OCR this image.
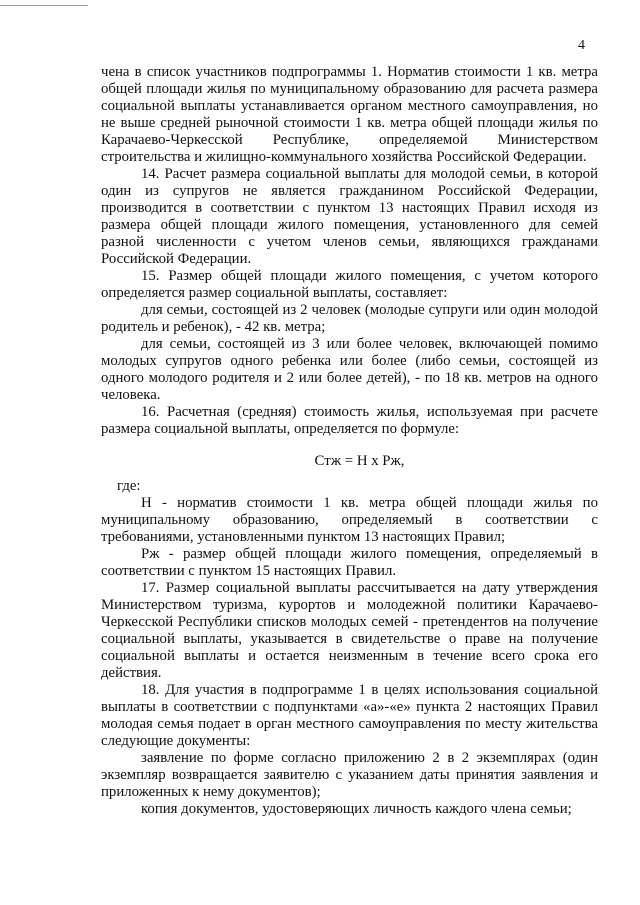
4

чена в список участников подпрограммы 1. Норматив стоимости 1 кв. метра общей площади жилья по муниципальному образованию для расчета размера социальной выплаты устанавливается органом местного самоуправления, но не выше средней рыночной стоимости 1 кв. метра общей площади жилья по Карачаево-Черкесской Республике, определяемой Министерством строительства и жилищно-коммунального хозяйства Российской Федерации.

14. Расчет размера социальной выплаты для молодой семьи, в которой один из супругов не является гражданином Российской Федерации, производится в соответствии с пунктом 13 настоящих Правил исходя из размера общей площади жилого помещения, установленного для семей разной численности с учетом членов семьи, являющихся гражданами Российской Федерации.

15. Размер общей площади жилого помещения, с учетом которого определяется размер социальной выплаты, составляет:

для семьи, состоящей из 2 человек (молодые супруги или один молодой родитель и ребенок), - 42 кв. метра;

для семьи, состоящей из 3 или более человек, включающей помимо молодых супругов одного ребенка или более (либо семьи, состоящей из одного молодого родителя и 2 или более детей), - по 18 кв. метров на одного человека.

16. Расчетная (средняя) стоимость жилья, используемая при расчете размера социальной выплаты, определяется по формуле:

Стж = Н х Рж,

где:

Н - норматив стоимости 1 кв. метра общей площади жилья по муниципальному образованию, определяемый в соответствии с требованиями, установленными пунктом 13 настоящих Правил;

Рж - размер общей площади жилого помещения, определяемый в соответствии с пунктом 15 настоящих Правил.

17. Размер социальной выплаты рассчитывается на дату утверждения Министерством туризма, курортов и молодежной политики Карачаево-Черкесской Республики списков молодых семей - претендентов на получение социальной выплаты, указывается в свидетельстве о праве на получение социальной выплаты и остается неизменным в течение всего срока его действия.

18. Для участия в подпрограмме 1 в целях использования социальной выплаты в соответствии с подпунктами «а»-«е» пункта 2 настоящих Правил молодая семья подает в орган местного самоуправления по месту жительства следующие документы:

заявление по форме согласно приложению 2 в 2 экземплярах (один экземпляр возвращается заявителю с указанием даты принятия заявления и приложенных к нему документов);

копия документов, удостоверяющих личность каждого члена семьи;
